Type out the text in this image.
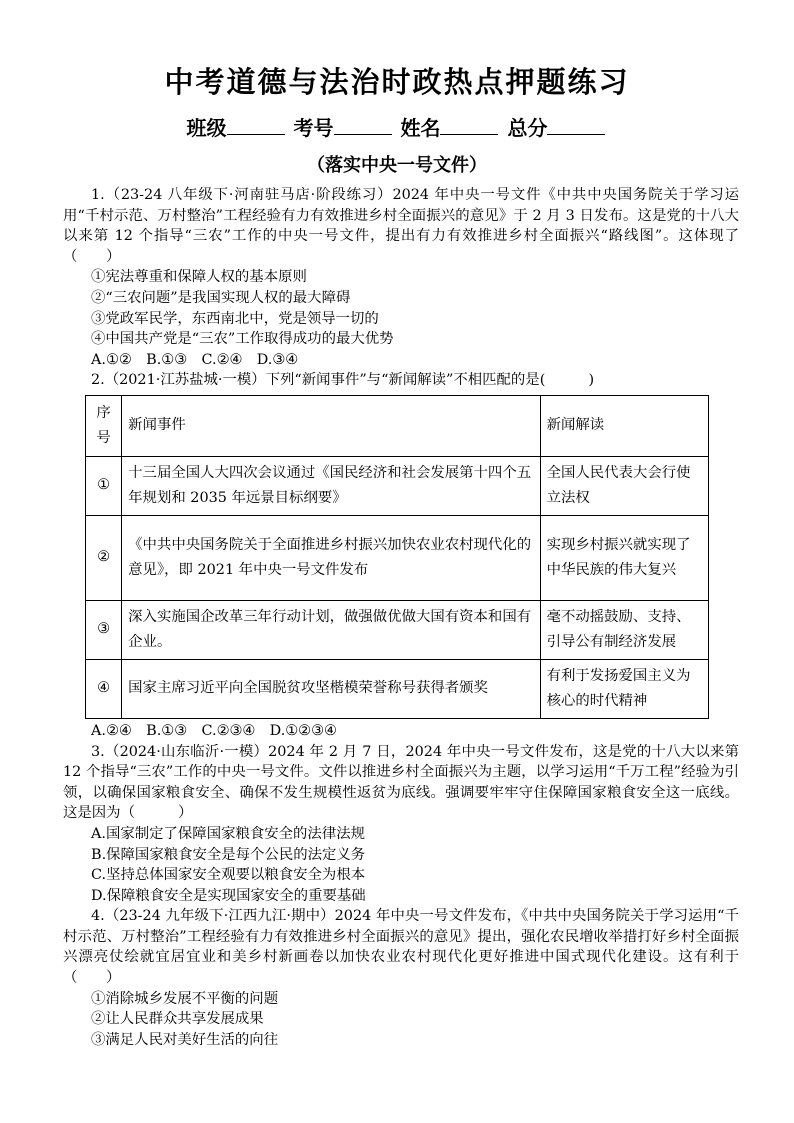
中考道德与法治时政热点押题练习
班级	考号	姓名	总分
（落实中央一号文件）
1.（23-24 八年级下·河南驻马店·阶段练习）2024 年中央一号文件《中共中央国务院关于学习运用“千村示范、万村整治”工程经验有力有效推进乡村全面振兴的意见》于 2 月 3 日发布。这是党的十八大以来第 12 个指导“三农”工作的中央一号文件，提出有力有效推进乡村全面振兴“路线图”。这体现了（　　）
①宪法尊重和保障人权的基本原则
②“三农问题”是我国实现人权的最大障碍
③党政军民学，东西南北中，党是领导一切的
④中国共产党是“三农”工作取得成功的最大优势
A.①②　B.①③　C.②④　D.③④
2.（2021·江苏盐城·一模）下列“新闻事件”与“新闻解读”不相匹配的是(　　　)
序号	新闻事件	新闻解读
①	十三届全国人大四次会议通过《国民经济和社会发展第十四个五年规划和 2035 年远景目标纲要》	全国人民代表大会行使立法权
②	《中共中央国务院关于全面推进乡村振兴加快农业农村现代化的意见》，即 2021 年中央一号文件发布	实现乡村振兴就实现了中华民族的伟大复兴
③	深入实施国企改革三年行动计划，做强做优做大国有资本和国有企业。	毫不动摇鼓励、支持、引导公有制经济发展
④	国家主席习近平向全国脱贫攻坚楷模荣誉称号获得者颁奖	有利于发扬爱国主义为核心的时代精神
A.②④　B.①③　C.②③④　D.①②③④
3.（2024·山东临沂·一模）2024 年 2 月 7 日，2024 年中央一号文件发布，这是党的十八大以来第 12 个指导“三农”工作的中央一号文件。文件以推进乡村全面振兴为主题，以学习运用“千万工程”经验为引领，以确保国家粮食安全、确保不发生规模性返贫为底线。强调要牢牢守住保障国家粮食安全这一底线。这是因为（　　　）
A.国家制定了保障国家粮食安全的法律法规
B.保障国家粮食安全是每个公民的法定义务
C.坚持总体国家安全观要以粮食安全为根本
D.保障粮食安全是实现国家安全的重要基础
4.（23-24 九年级下·江西九江·期中）2024 年中央一号文件发布，《中共中央国务院关于学习运用“千村示范、万村整治”工程经验有力有效推进乡村全面振兴的意见》提出，强化农民增收举措打好乡村全面振兴漂亮仗绘就宜居宜业和美乡村新画卷以加快农业农村现代化更好推进中国式现代化建设。这有利于（　　）
①消除城乡发展不平衡的问题
②让人民群众共享发展成果
③满足人民对美好生活的向往
